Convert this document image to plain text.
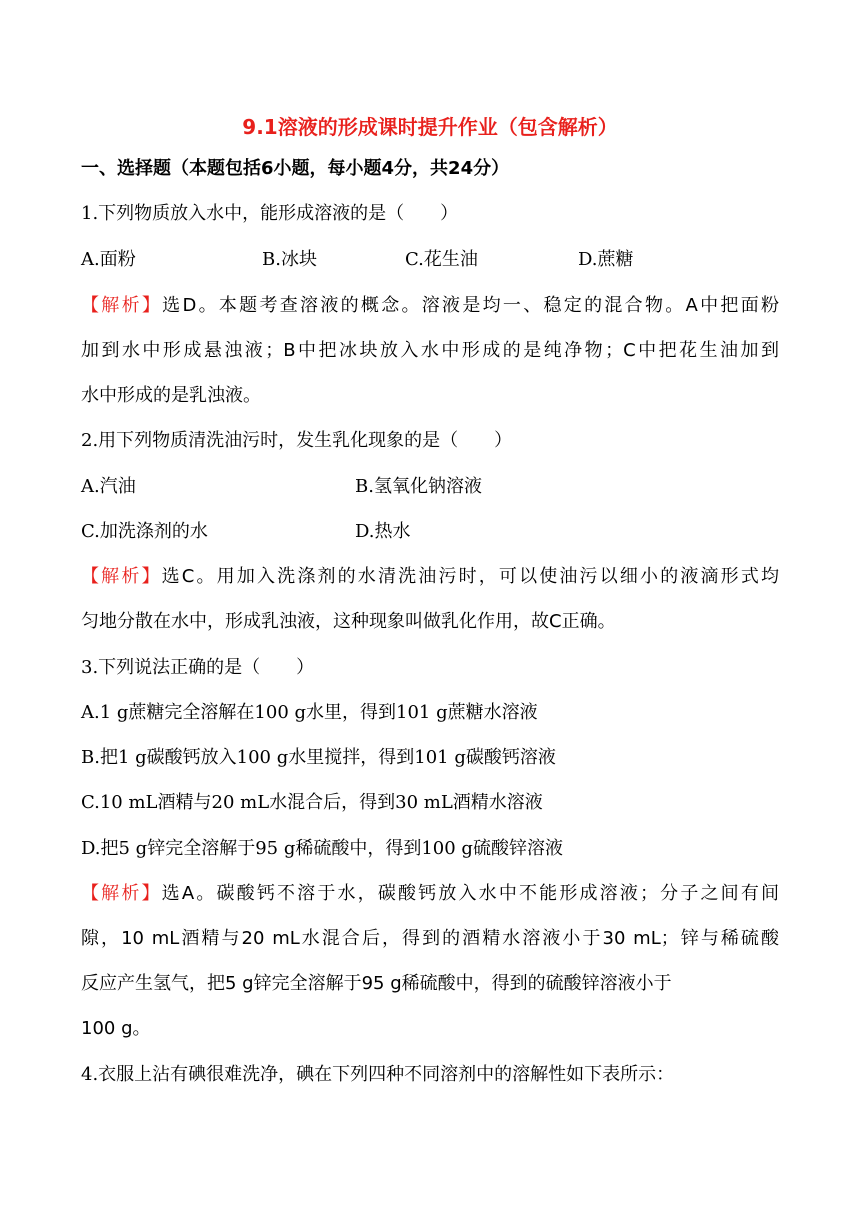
9.1溶液的形成课时提升作业（包含解析）
一、选择题（本题包括6小题，每小题4分，共24分）
1.下列物质放入水中，能形成溶液的是（　　）
A.面粉	B.冰块	C.花生油	D.蔗糖
【解析】选D。本题考查溶液的概念。溶液是均一、稳定的混合物。A中把面粉
加到水中形成悬浊液；B中把冰块放入水中形成的是纯净物；C中把花生油加到
水中形成的是乳浊液。
2.用下列物质清洗油污时，发生乳化现象的是（　　）
A.汽油	B.氢氧化钠溶液
C.加洗涤剂的水	D.热水
【解析】选C。用加入洗涤剂的水清洗油污时，可以使油污以细小的液滴形式均
匀地分散在水中，形成乳浊液，这种现象叫做乳化作用，故C正确。
3.下列说法正确的是（　　）
A.1 g蔗糖完全溶解在100 g水里，得到101 g蔗糖水溶液
B.把1 g碳酸钙放入100 g水里搅拌，得到101 g碳酸钙溶液
C.10 mL酒精与20 mL水混合后，得到30 mL酒精水溶液
D.把5 g锌完全溶解于95 g稀硫酸中，得到100 g硫酸锌溶液
【解析】选A。碳酸钙不溶于水，碳酸钙放入水中不能形成溶液；分子之间有间
隙，10 mL酒精与20 mL水混合后，得到的酒精水溶液小于30 mL；锌与稀硫酸
反应产生氢气，把5 g锌完全溶解于95 g稀硫酸中，得到的硫酸锌溶液小于
100 g。
4.衣服上沾有碘很难洗净，碘在下列四种不同溶剂中的溶解性如下表所示：
